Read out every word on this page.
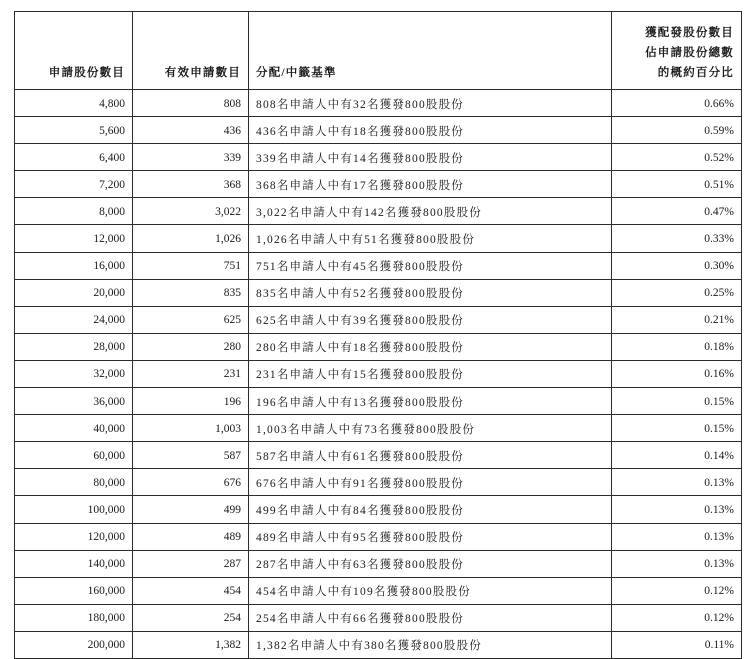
申請股份數目	有效申請數目	分配/中籤基準	獲配發股份數目
佔申請股份總數
的概約百分比

4,800	808	808名申請人中有32名獲發800股股份	0.66%
5,600	436	436名申請人中有18名獲發800股股份	0.59%
6,400	339	339名申請人中有14名獲發800股股份	0.52%
7,200	368	368名申請人中有17名獲發800股股份	0.51%
8,000	3,022	3,022名申請人中有142名獲發800股股份	0.47%
12,000	1,026	1,026名申請人中有51名獲發800股股份	0.33%
16,000	751	751名申請人中有45名獲發800股股份	0.30%
20,000	835	835名申請人中有52名獲發800股股份	0.25%
24,000	625	625名申請人中有39名獲發800股股份	0.21%
28,000	280	280名申請人中有18名獲發800股股份	0.18%
32,000	231	231名申請人中有15名獲發800股股份	0.16%
36,000	196	196名申請人中有13名獲發800股股份	0.15%
40,000	1,003	1,003名申請人中有73名獲發800股股份	0.15%
60,000	587	587名申請人中有61名獲發800股股份	0.14%
80,000	676	676名申請人中有91名獲發800股股份	0.13%
100,000	499	499名申請人中有84名獲發800股股份	0.13%
120,000	489	489名申請人中有95名獲發800股股份	0.13%
140,000	287	287名申請人中有63名獲發800股股份	0.13%
160,000	454	454名申請人中有109名獲發800股股份	0.12%
180,000	254	254名申請人中有66名獲發800股股份	0.12%
200,000	1,382	1,382名申請人中有380名獲發800股股份	0.11%
